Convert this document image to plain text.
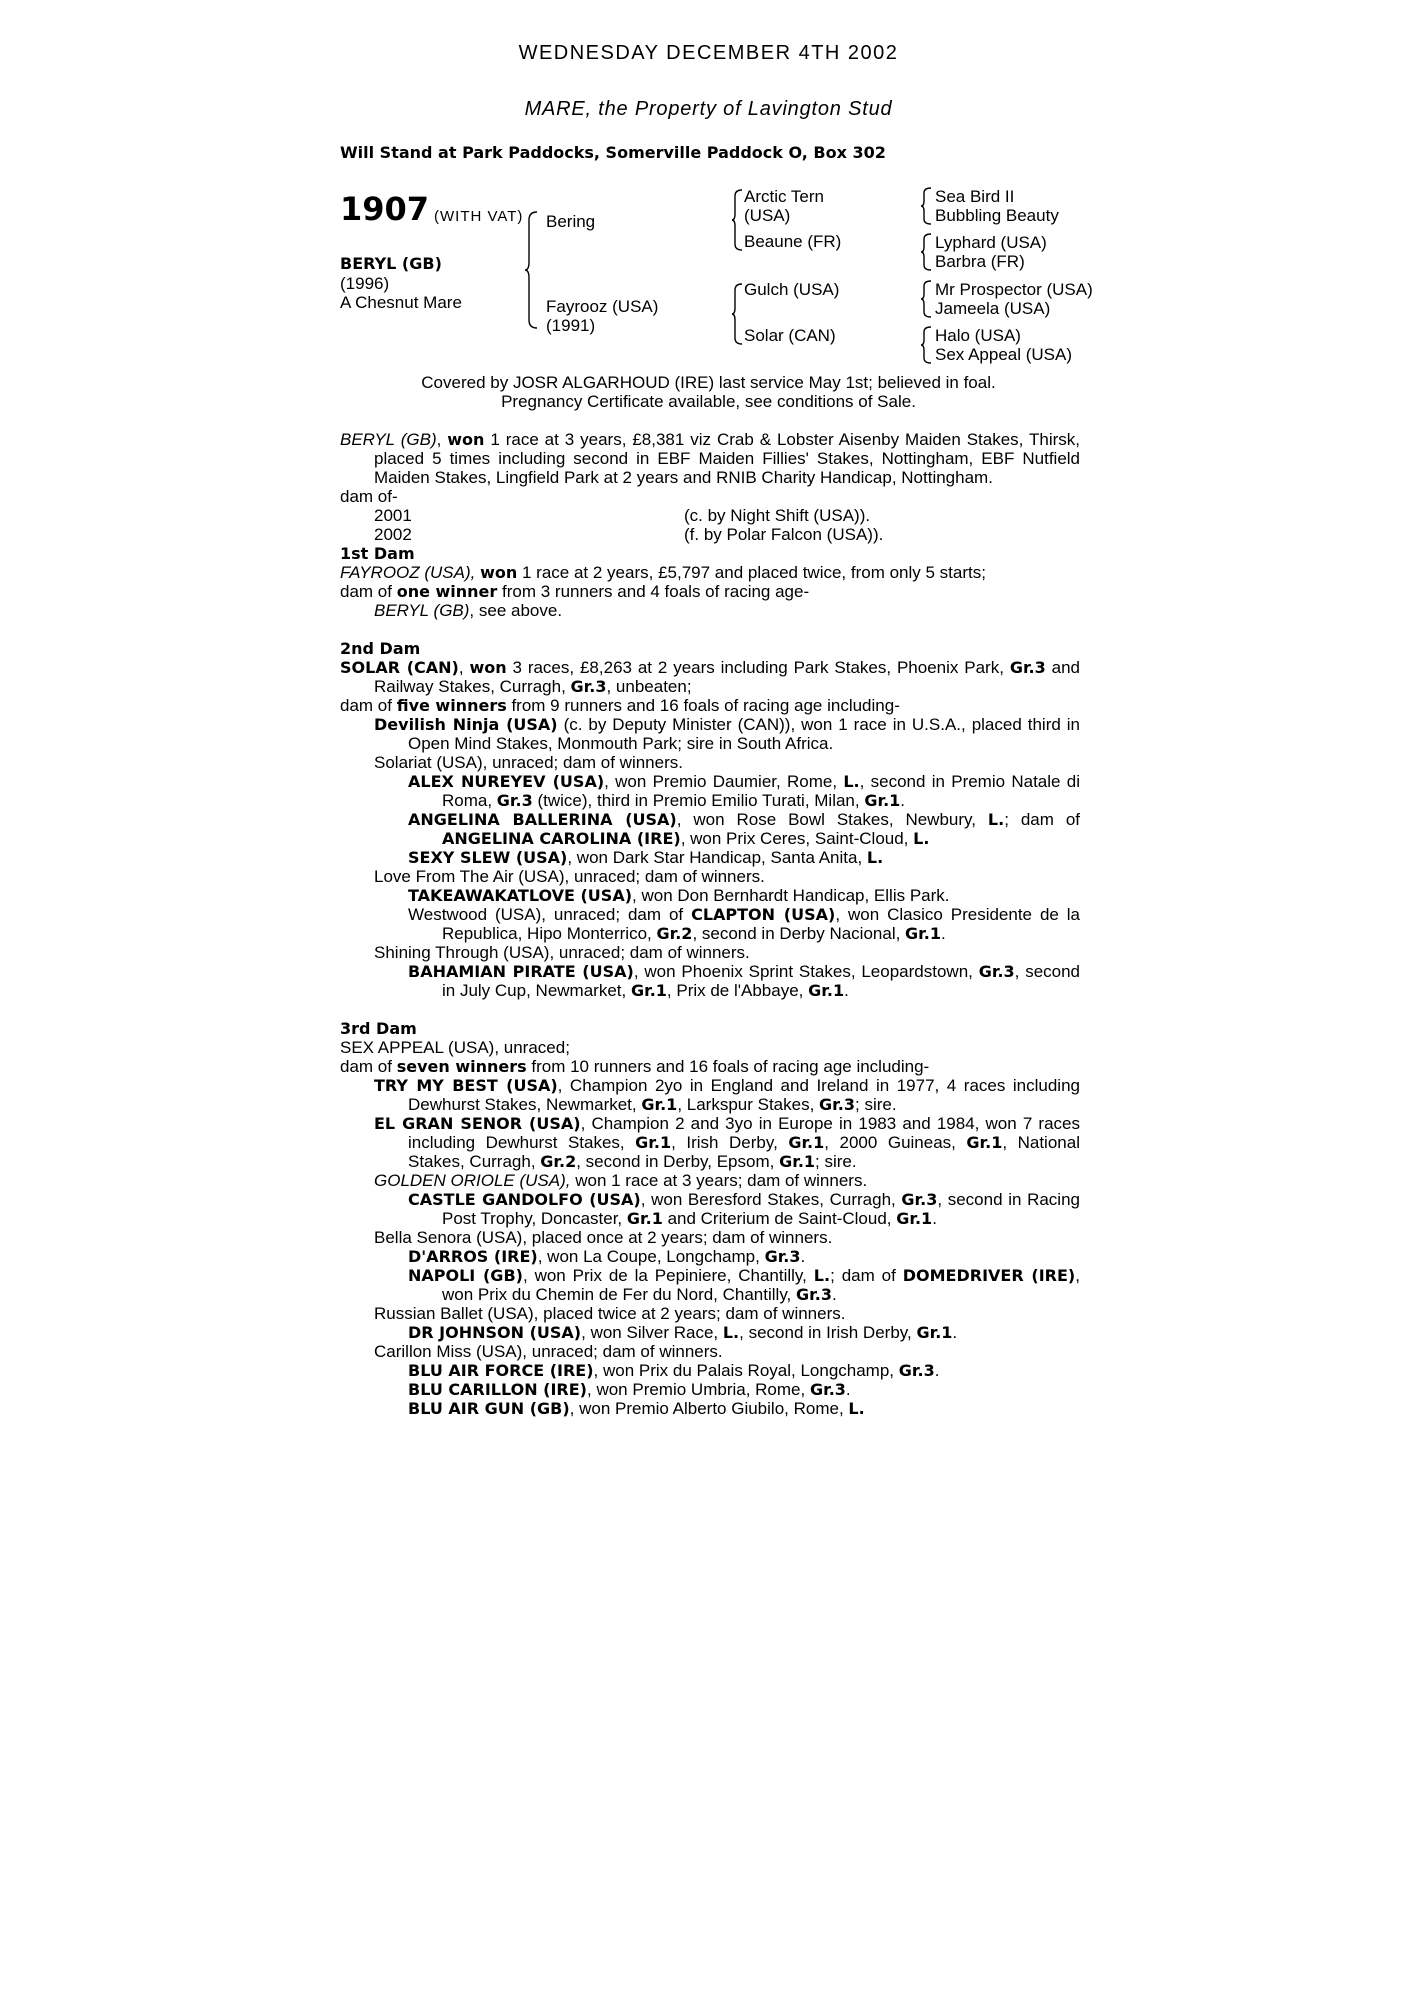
WEDNESDAY DECEMBER 4TH 2002
MARE, the Property of Lavington Stud
Will Stand at Park Paddocks, Somerville Paddock O, Box 302
1907 (WITH VAT)
BERYL (GB)
(1996)
A Chesnut Mare
Bering
Fayrooz (USA)
(1991)
Arctic Tern
(USA)
Beaune (FR)
Gulch (USA)
Solar (CAN)
Sea Bird II
Bubbling Beauty
Lyphard (USA)
Barbra (FR)
Mr Prospector (USA)
Jameela (USA)
Halo (USA)
Sex Appeal (USA)
Covered by JOSR ALGARHOUD (IRE) last service May 1st; believed in foal.
Pregnancy Certificate available, see conditions of Sale.

BERYL (GB), won 1 race at 3 years, £8,381 viz Crab & Lobster Aisenby Maiden Stakes, Thirsk, placed 5 times including second in EBF Maiden Fillies' Stakes, Nottingham, EBF Nutfield Maiden Stakes, Lingfield Park at 2 years and RNIB Charity Handicap, Nottingham.

dam of-

2001	(c. by Night Shift (USA)).
2002	(f. by Polar Falcon (USA)).

1st Dam

FAYROOZ (USA), won 1 race at 2 years, £5,797 and placed twice, from only 5 starts;

dam of one winner from 3 runners and 4 foals of racing age-

BERYL (GB), see above.

2nd Dam

SOLAR (CAN), won 3 races, £8,263 at 2 years including Park Stakes, Phoenix Park, Gr.3 and Railway Stakes, Curragh, Gr.3, unbeaten;

dam of five winners from 9 runners and 16 foals of racing age including-

Devilish Ninja (USA) (c. by Deputy Minister (CAN)), won 1 race in U.S.A., placed third in Open Mind Stakes, Monmouth Park; sire in South Africa.

Solariat (USA), unraced; dam of winners.

ALEX NUREYEV (USA), won Premio Daumier, Rome, L., second in Premio Natale di Roma, Gr.3 (twice), third in Premio Emilio Turati, Milan, Gr.1.

ANGELINA BALLERINA (USA), won Rose Bowl Stakes, Newbury, L.; dam of ANGELINA CAROLINA (IRE), won Prix Ceres, Saint-Cloud, L.

SEXY SLEW (USA), won Dark Star Handicap, Santa Anita, L.

Love From The Air (USA), unraced; dam of winners.

TAKEAWAKATLOVE (USA), won Don Bernhardt Handicap, Ellis Park.

Westwood (USA), unraced; dam of CLAPTON (USA), won Clasico Presidente de la Republica, Hipo Monterrico, Gr.2, second in Derby Nacional, Gr.1.

Shining Through (USA), unraced; dam of winners.

BAHAMIAN PIRATE (USA), won Phoenix Sprint Stakes, Leopardstown, Gr.3, second in July Cup, Newmarket, Gr.1, Prix de l'Abbaye, Gr.1.

3rd Dam

SEX APPEAL (USA), unraced;

dam of seven winners from 10 runners and 16 foals of racing age including-

TRY MY BEST (USA), Champion 2yo in England and Ireland in 1977, 4 races including Dewhurst Stakes, Newmarket, Gr.1, Larkspur Stakes, Gr.3; sire.

EL GRAN SENOR (USA), Champion 2 and 3yo in Europe in 1983 and 1984, won 7 races including Dewhurst Stakes, Gr.1, Irish Derby, Gr.1, 2000 Guineas, Gr.1, National Stakes, Curragh, Gr.2, second in Derby, Epsom, Gr.1; sire.

GOLDEN ORIOLE (USA), won 1 race at 3 years; dam of winners.

CASTLE GANDOLFO (USA), won Beresford Stakes, Curragh, Gr.3, second in Racing Post Trophy, Doncaster, Gr.1 and Criterium de Saint-Cloud, Gr.1.

Bella Senora (USA), placed once at 2 years; dam of winners.

D'ARROS (IRE), won La Coupe, Longchamp, Gr.3.

NAPOLI (GB), won Prix de la Pepiniere, Chantilly, L.; dam of DOMEDRIVER (IRE), won Prix du Chemin de Fer du Nord, Chantilly, Gr.3.

Russian Ballet (USA), placed twice at 2 years; dam of winners.

DR JOHNSON (USA), won Silver Race, L., second in Irish Derby, Gr.1.

Carillon Miss (USA), unraced; dam of winners.

BLU AIR FORCE (IRE), won Prix du Palais Royal, Longchamp, Gr.3.

BLU CARILLON (IRE), won Premio Umbria, Rome, Gr.3.

BLU AIR GUN (GB), won Premio Alberto Giubilo, Rome, L.
